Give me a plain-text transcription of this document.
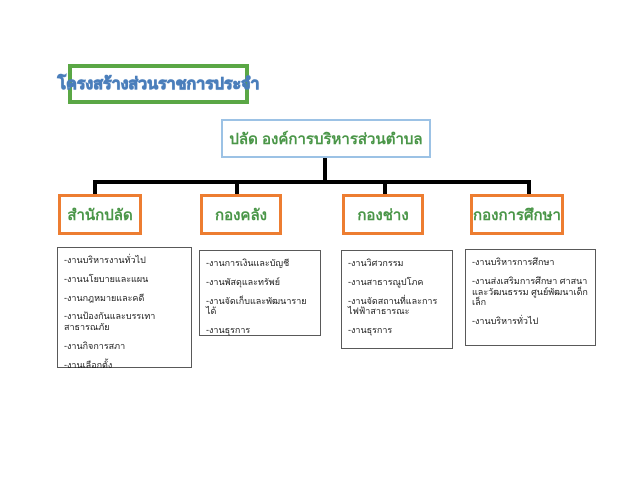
โครงสร้างส่วนราชการประจำ
ปลัด องค์การบริหารส่วนตำบล
สำนักปลัด	กองคลัง	กองช่าง	กองการศึกษา
-งานบริหารงานทั่วไป
-งานนโยบายและแผน
-งานกฎหมายและคดี
-งานป้องกันและบรรเทาสาธารณภัย
-งานกิจการสภา
-งานเลือกตั้ง
-งานการเงินและบัญชี
-งานพัสดุและทรัพย์
-งานจัดเก็บและพัฒนารายได้
-งานธุรการ
-งานวิศวกรรม
-งานสาธารณูปโภค
-งานจัดสถานที่และการไฟฟ้าสาธารณะ
-งานธุรการ
-งานบริหารการศึกษา
-งานส่งเสริมการศึกษา ศาสนาและวัฒนธรรม ศูนย์พัฒนาเด็กเล็ก
-งานบริหารทั่วไป
